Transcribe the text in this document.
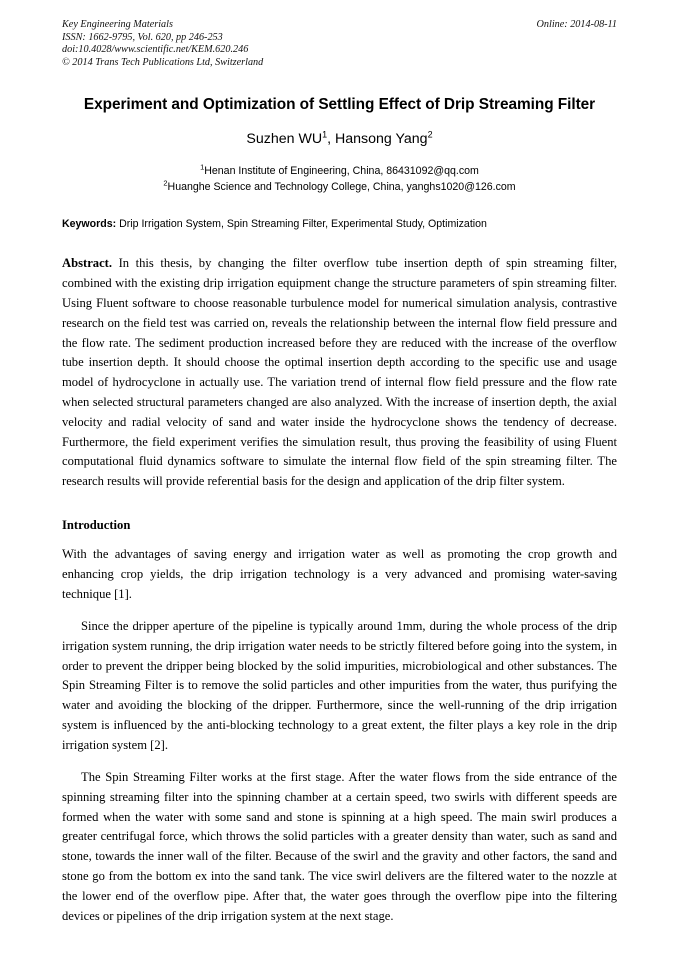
Key Engineering Materials
ISSN: 1662-9795, Vol. 620, pp 246-253
doi:10.4028/www.scientific.net/KEM.620.246
© 2014 Trans Tech Publications Ltd, Switzerland
Online: 2014-08-11
Experiment and Optimization of Settling Effect of Drip Streaming Filter
Suzhen $WU^1$, Hansong Yang$^2$
$^1$Henan Institute of Engineering, China, 86431092@qq.com
$^2$Huanghe Science and Technology College, China, yanghs1020@126.com
Keywords: Drip Irrigation System, Spin Streaming Filter, Experimental Study, Optimization
Abstract. In this thesis, by changing the filter overflow tube insertion depth of spin streaming filter, combined with the existing drip irrigation equipment change the structure parameters of spin streaming filter. Using Fluent software to choose reasonable turbulence model for numerical simulation analysis, contrastive research on the field test was carried on, reveals the relationship between the internal flow field pressure and the flow rate. The sediment production increased before they are reduced with the increase of the overflow tube insertion depth. It should choose the optimal insertion depth according to the specific use and usage model of hydrocyclone in actually use. The variation trend of internal flow field pressure and the flow rate when selected structural parameters changed are also analyzed. With the increase of insertion depth, the axial velocity and radial velocity of sand and water inside the hydrocyclone shows the tendency of decrease. Furthermore, the field experiment verifies the simulation result, thus proving the feasibility of using Fluent computational fluid dynamics software to simulate the internal flow field of the spin streaming filter. The research results will provide referential basis for the design and application of the drip filter system.
Introduction

With the advantages of saving energy and irrigation water as well as promoting the crop growth and enhancing crop yields, the drip irrigation technology is a very advanced and promising water-saving technique [1].

Since the dripper aperture of the pipeline is typically around 1mm, during the whole process of the drip irrigation system running, the drip irrigation water needs to be strictly filtered before going into the system, in order to prevent the dripper being blocked by the solid impurities, microbiological and other substances. The Spin Streaming Filter is to remove the solid particles and other impurities from the water, thus purifying the water and avoiding the blocking of the dripper. Furthermore, since the well-running of the drip irrigation system is influenced by the anti-blocking technology to a great extent, the filter plays a key role in the drip irrigation system [2].

The Spin Streaming Filter works at the first stage. After the water flows from the side entrance of the spinning streaming filter into the spinning chamber at a certain speed, two swirls with different speeds are formed when the water with some sand and stone is spinning at a high speed. The main swirl produces a greater centrifugal force, which throws the solid particles with a greater density than water, such as sand and stone, towards the inner wall of the filter. Because of the swirl and the gravity and other factors, the sand and stone go from the bottom ex into the sand tank. The vice swirl delivers are the filtered water to the nozzle at the lower end of the overflow pipe. After that, the water goes through the overflow pipe into the filtering devices or pipelines of the drip irrigation system at the next stage.
